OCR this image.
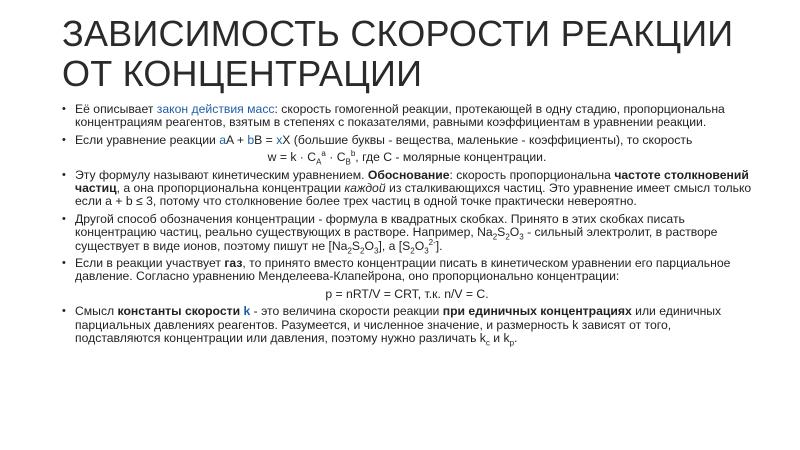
ЗАВИСИМОСТЬ СКОРОСТИ РЕАКЦИИ
ОТ КОНЦЕНТРАЦИИ

• Её описывает закон действия масс: скорость гомогенной реакции, протекающей в одну стадию, пропорциональна концентрациям реагентов, взятым в степенях с показателями, равными коэффициентам в уравнении реакции.

• Если уравнение реакции aA + bB = xX (большие буквы - вещества, маленькие - коэффициенты), то скорость

$w = k \cdot C_A^a \cdot C_B^b$, где C - молярные концентрации.

• Эту формулу называют кинетическим уравнением. Обоснование: скорость пропорциональна частоте столкновений частиц, а она пропорциональна концентрации каждой из сталкивающихся частиц. Это уравнение имеет смысл только если a + b ≤ 3, потому что столкновение более трех частиц в одной точке практически невероятно.

• Другой способ обозначения концентрации - формула в квадратных скобках. Принято в этих скобках писать концентрацию частиц, реально существующих в растворе. Например, $Na_2S_2O_3$ - сильный электролит, в растворе существует в виде ионов, поэтому пишут не $[Na_2S_2O_3]$, а $[S_2O_3^{2-}]$.

• Если в реакции участвует газ, то принято вместо концентрации писать в кинетическом уравнении его парциальное давление. Согласно уравнению Менделеева-Клапейрона, оно пропорционально концентрации:

p = nRT/V = CRT, т.к. n/V = C.

• Смысл константы скорости k - это величина скорости реакции при единичных концентрациях или единичных парциальных давлениях реагентов. Разумеется, и численное значение, и размерность k зависят от того, подставляются концентрации или давления, поэтому нужно различать $k_c$ и $k_p$.
